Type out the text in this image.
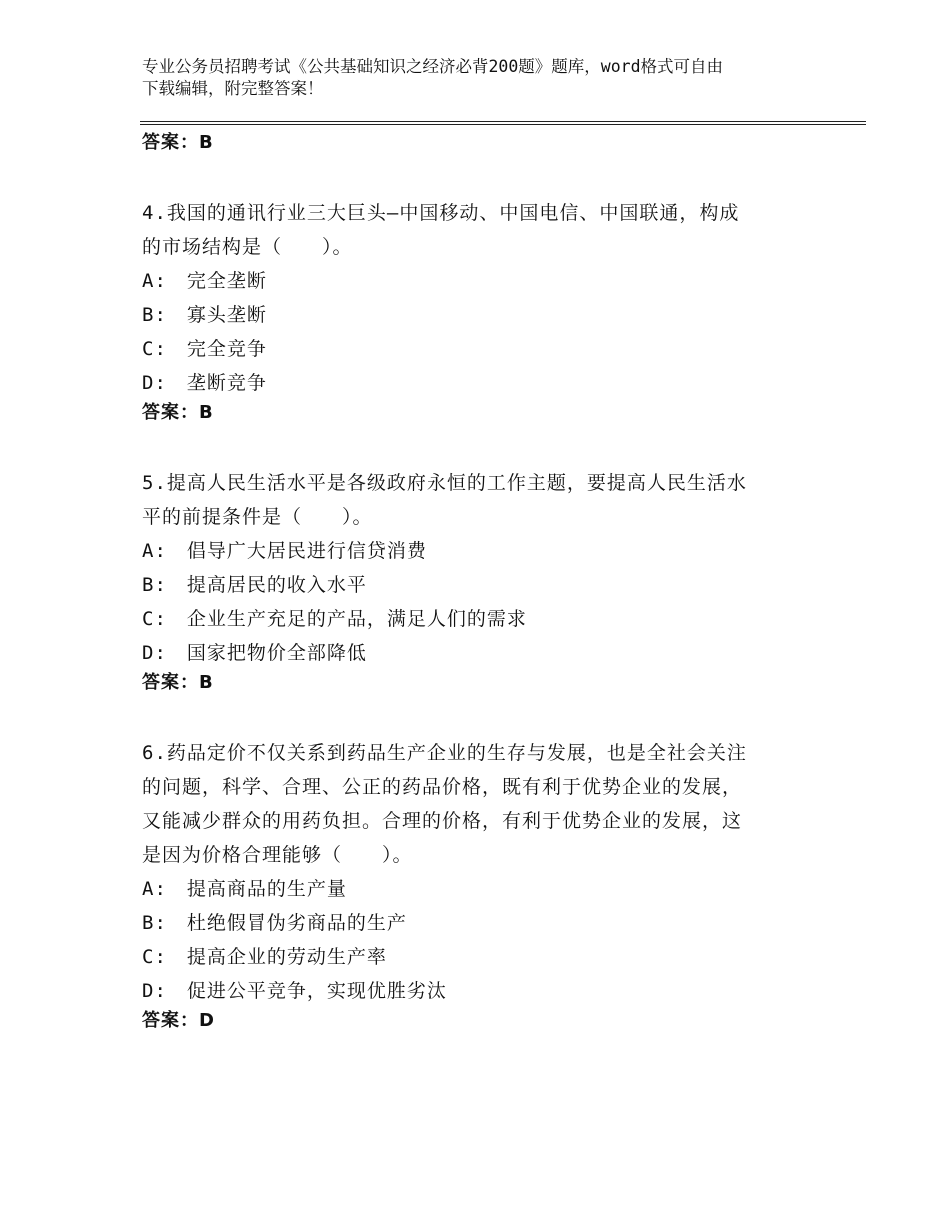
专业公务员招聘考试《公共基础知识之经济必背200题》题库，word格式可自由
下载编辑，附完整答案！
答案：B
4.我国的通讯行业三大巨头—中国移动、中国电信、中国联通，构成
的市场结构是（　　）。
A:　完全垄断
B:　寡头垄断
C:　完全竞争
D:　垄断竞争
答案：B
5.提高人民生活水平是各级政府永恒的工作主题，要提高人民生活水
平的前提条件是（　　）。
A:　倡导广大居民进行信贷消费
B:　提高居民的收入水平
C:　企业生产充足的产品，满足人们的需求
D:　国家把物价全部降低
答案：B
6.药品定价不仅关系到药品生产企业的生存与发展，也是全社会关注
的问题，科学、合理、公正的药品价格，既有利于优势企业的发展，
又能减少群众的用药负担。合理的价格，有利于优势企业的发展，这
是因为价格合理能够（　　）。
A:　提高商品的生产量
B:　杜绝假冒伪劣商品的生产
C:　提高企业的劳动生产率
D:　促进公平竞争，实现优胜劣汰
答案：D
